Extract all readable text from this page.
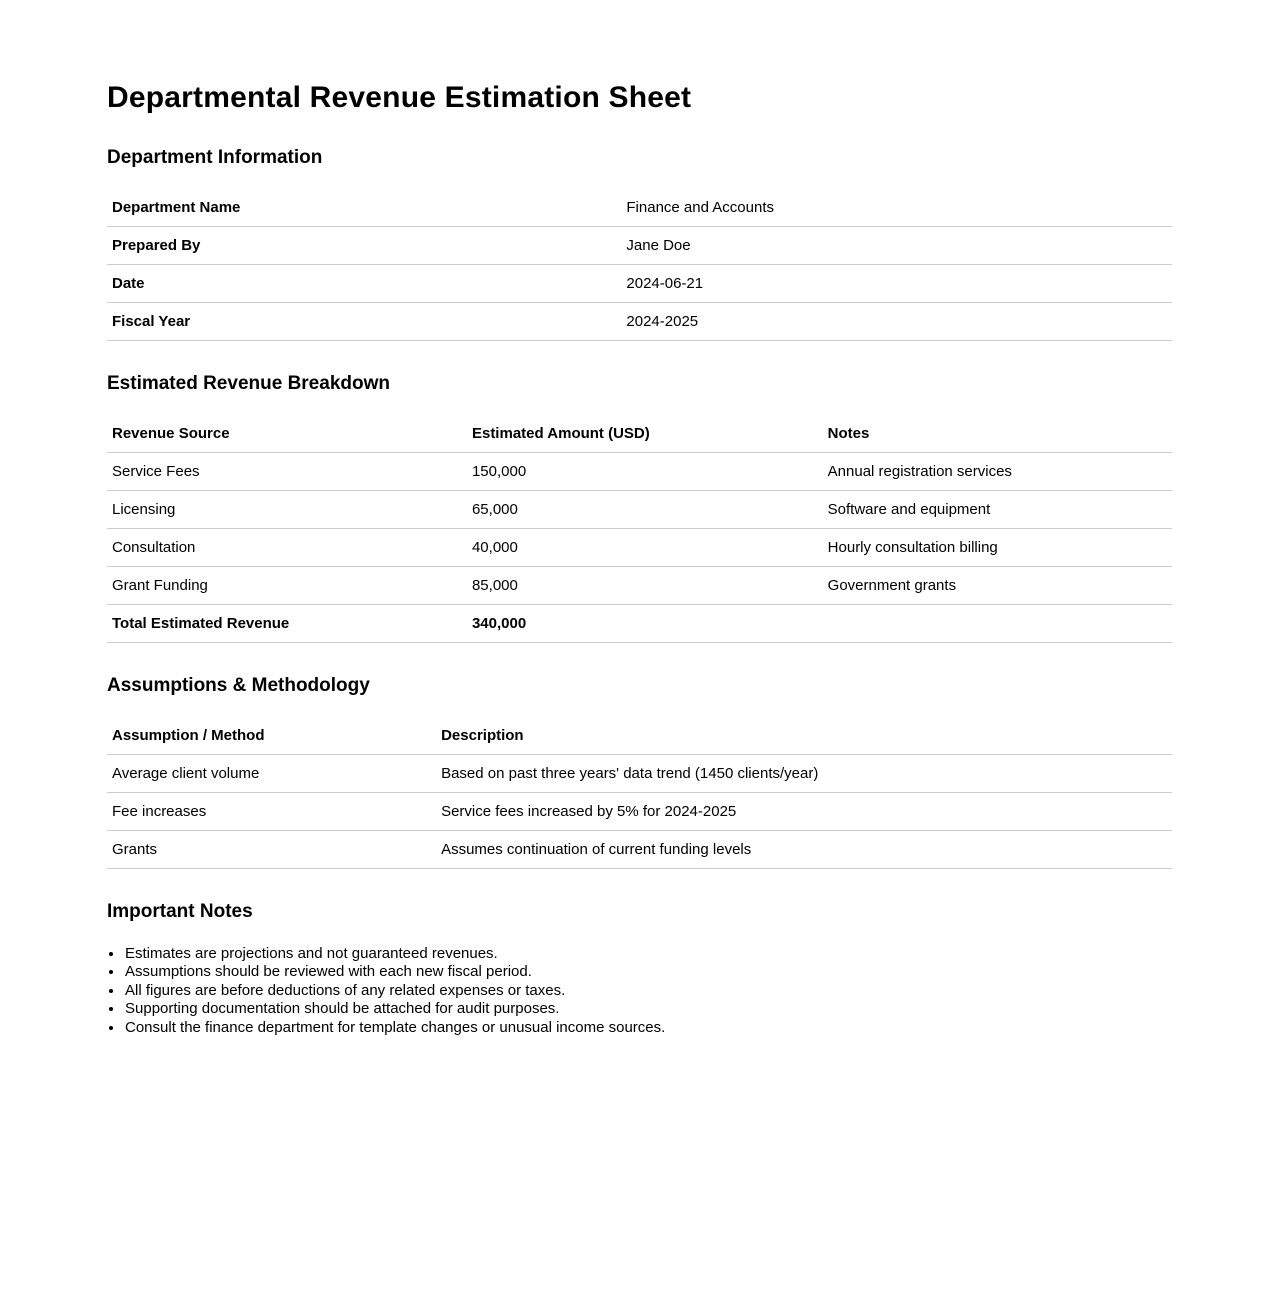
Departmental Revenue Estimation Sheet
Department Information
Department Name	Finance and Accounts
Prepared By	Jane Doe
Date	2024-06-21
Fiscal Year	2024-2025
Estimated Revenue Breakdown
Revenue Source	Estimated Amount (USD)	Notes
Service Fees	150,000	Annual registration services
Licensing	65,000	Software and equipment
Consultation	40,000	Hourly consultation billing
Grant Funding	85,000	Government grants
Total Estimated Revenue	340,000	
Assumptions & Methodology
Assumption / Method	Description
Average client volume	Based on past three years' data trend (1450 clients/year)
Fee increases	Service fees increased by 5% for 2024-2025
Grants	Assumes continuation of current funding levels
Important Notes
• Estimates are projections and not guaranteed revenues.
• Assumptions should be reviewed with each new fiscal period.
• All figures are before deductions of any related expenses or taxes.
• Supporting documentation should be attached for audit purposes.
• Consult the finance department for template changes or unusual income sources.
